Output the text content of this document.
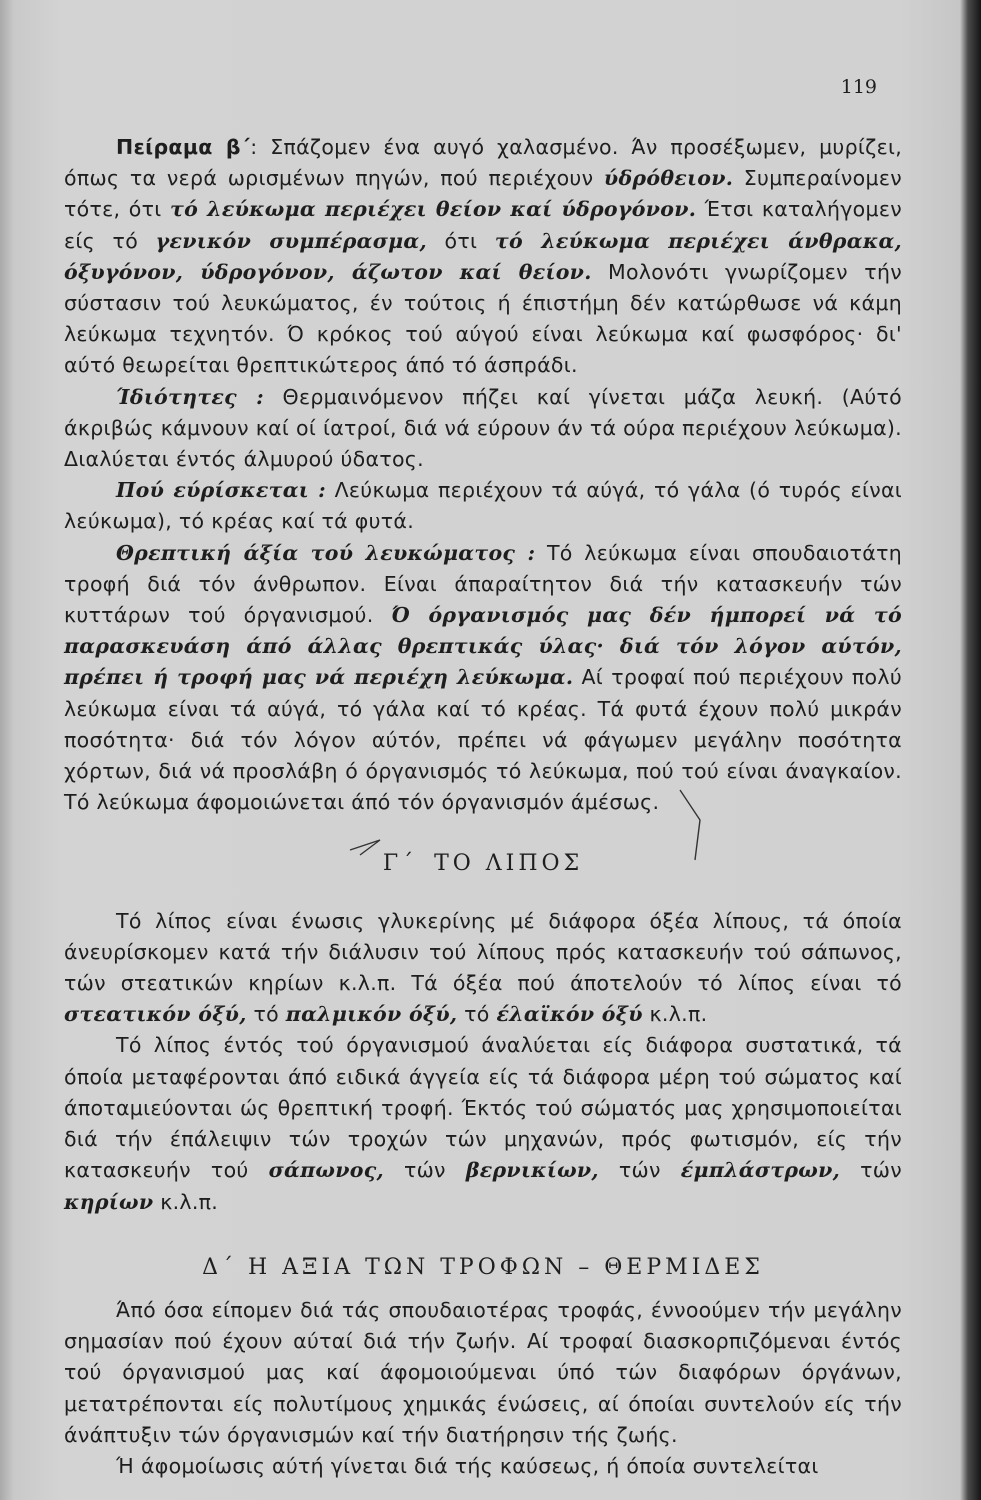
119

Πείραμα β΄: Σπάζομεν ένα αυγό χαλασμένο. Άν προσέξωμεν, μυρίζει, όπως τα νερά ωρισμένων πηγών, πού περιέχουν ύδρόθειον. Συμπεραίνομεν τότε, ότι τό λεύκωμα περιέχει θείον καί ύδρογόνον. Έτσι καταλήγομεν είς τό γενικόν συμπέρασμα, ότι τό λεύκωμα περιέχει άνθρακα, όξυγόνον, ύδρογόνον, άζωτον καί θείον. Μολονότι γνωρίζομεν τήν σύστασιν τού λευκώματος, έν τούτοις ή έπιστήμη δέν κατώρθωσε νά κάμη λεύκωμα τεχνητόν. Ό κρόκος τού αύγού είναι λεύκωμα καί φωσφόρος· δι' αύτό θεωρείται θρεπτικώτερος άπό τό άσπράδι.

Ίδιότητες : Θερμαινόμενον πήζει καί γίνεται μάζα λευκή. (Αύτό άκριβώς κάμνουν καί οί ίατροί, διά νά εύρουν άν τά ούρα περιέχουν λεύκωμα). Διαλύεται έντός άλμυρού ύδατος.

Πού εύρίσκεται : Λεύκωμα περιέχουν τά αύγά, τό γάλα (ό τυρός είναι λεύκωμα), τό κρέας καί τά φυτά.

Θρεπτική άξία τού λευκώματος : Τό λεύκωμα είναι σπουδαιοτάτη τροφή διά τόν άνθρωπον. Είναι άπαραίτητον διά τήν κατασκευήν τών κυττάρων τού όργανισμού. Ό όργανισμός μας δέν ήμπορεί νά τό παρασκευάση άπό άλλας θρεπτικάς ύλας· διά τόν λόγον αύτόν, πρέπει ή τροφή μας νά περιέχη λεύκωμα. Αί τροφαί πού περιέχουν πολύ λεύκωμα είναι τά αύγά, τό γάλα καί τό κρέας. Τά φυτά έχουν πολύ μικράν ποσότητα· διά τόν λόγον αύτόν, πρέπει νά φάγωμεν μεγάλην ποσότητα χόρτων, διά νά προσλάβη ό όργανισμός τό λεύκωμα, πού τού είναι άναγκαίον. Τό λεύκωμα άφομοιώνεται άπό τόν όργανισμόν άμέσως.

Γ΄ ΤΟ ΛΙΠΟΣ

Τό λίπος είναι ένωσις γλυκερίνης μέ διάφορα όξέα λίπους, τά όποία άνευρίσκομεν κατά τήν διάλυσιν τού λίπους πρός κατασκευήν τού σάπωνος, τών στεατικών κηρίων κ.λ.π. Τά όξέα πού άποτελούν τό λίπος είναι τό στεατικόν όξύ, τό παλμικόν όξύ, τό έλαϊκόν όξύ κ.λ.π.

Τό λίπος έντός τού όργανισμού άναλύεται είς διάφορα συστατικά, τά όποία μεταφέρονται άπό ειδικά άγγεία είς τά διάφορα μέρη τού σώματος καί άποταμιεύονται ώς θρεπτική τροφή. Έκτός τού σώματός μας χρησιμοποιείται διά τήν έπάλειψιν τών τροχών τών μηχανών, πρός φωτισμόν, είς τήν κατασκευήν τού σάπωνος, τών βερνικίων, τών έμπλάστρων, τών κηρίων κ.λ.π.

Δ΄ Η ΑΞΙΑ ΤΩΝ ΤΡΟΦΩΝ – ΘΕΡΜΙΔΕΣ

Άπό όσα είπομεν διά τάς σπουδαιοτέρας τροφάς, έννοούμεν τήν μεγάλην σημασίαν πού έχουν αύταί διά τήν ζωήν. Αί τροφαί διασκορπιζόμεναι έντός τού όργανισμού μας καί άφομοιούμεναι ύπό τών διαφόρων όργάνων, μετατρέπονται είς πολυτίμους χημικάς ένώσεις, αί όποίαι συντελούν είς τήν άνάπτυξιν τών όργανισμών καί τήν διατήρησιν τής ζωής.

Ή άφομοίωσις αύτή γίνεται διά τής καύσεως, ή όποία συντελείται
